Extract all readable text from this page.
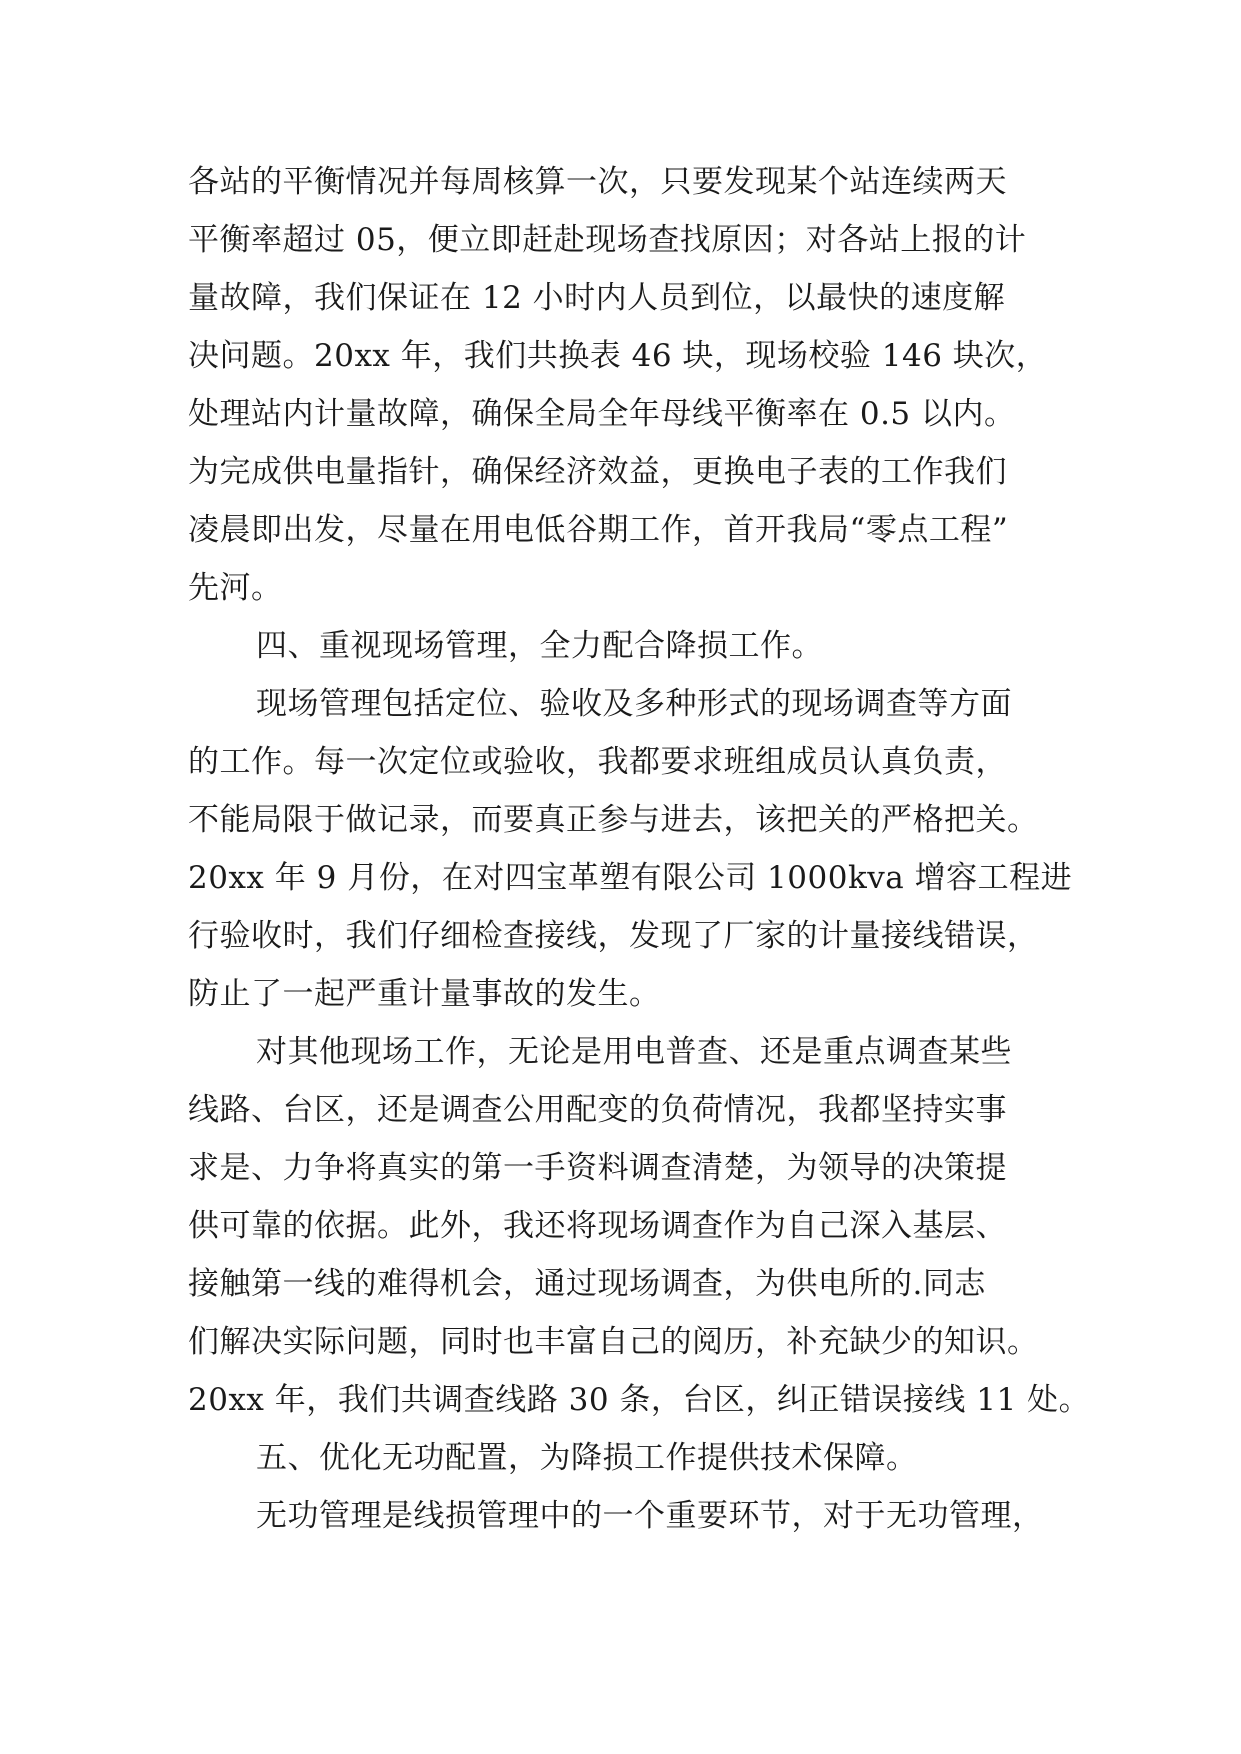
各站的平衡情况并每周核算一次，只要发现某个站连续两天
平衡率超过 05，便立即赶赴现场查找原因；对各站上报的计
量故障，我们保证在 12 小时内人员到位，以最快的速度解
决问题。20xx 年，我们共换表 46 块，现场校验 146 块次，
处理站内计量故障，确保全局全年母线平衡率在 0.5 以内。
为完成供电量指针，确保经济效益，更换电子表的工作我们
凌晨即出发，尽量在用电低谷期工作，首开我局“零点工程”
先河。
四、重视现场管理，全力配合降损工作。
现场管理包括定位、验收及多种形式的现场调查等方面
的工作。每一次定位或验收，我都要求班组成员认真负责，
不能局限于做记录，而要真正参与进去，该把关的严格把关。
20xx 年 9 月份，在对四宝革塑有限公司 1000kva 增容工程进
行验收时，我们仔细检查接线，发现了厂家的计量接线错误，
防止了一起严重计量事故的发生。
对其他现场工作，无论是用电普查、还是重点调查某些
线路、台区，还是调查公用配变的负荷情况，我都坚持实事
求是、力争将真实的第一手资料调查清楚，为领导的决策提
供可靠的依据。此外，我还将现场调查作为自己深入基层、
接触第一线的难得机会，通过现场调查，为供电所的.同志
们解决实际问题，同时也丰富自己的阅历，补充缺少的知识。
20xx 年，我们共调查线路 30 条，台区，纠正错误接线 11 处。
五、优化无功配置，为降损工作提供技术保障。
无功管理是线损管理中的一个重要环节，对于无功管理，
